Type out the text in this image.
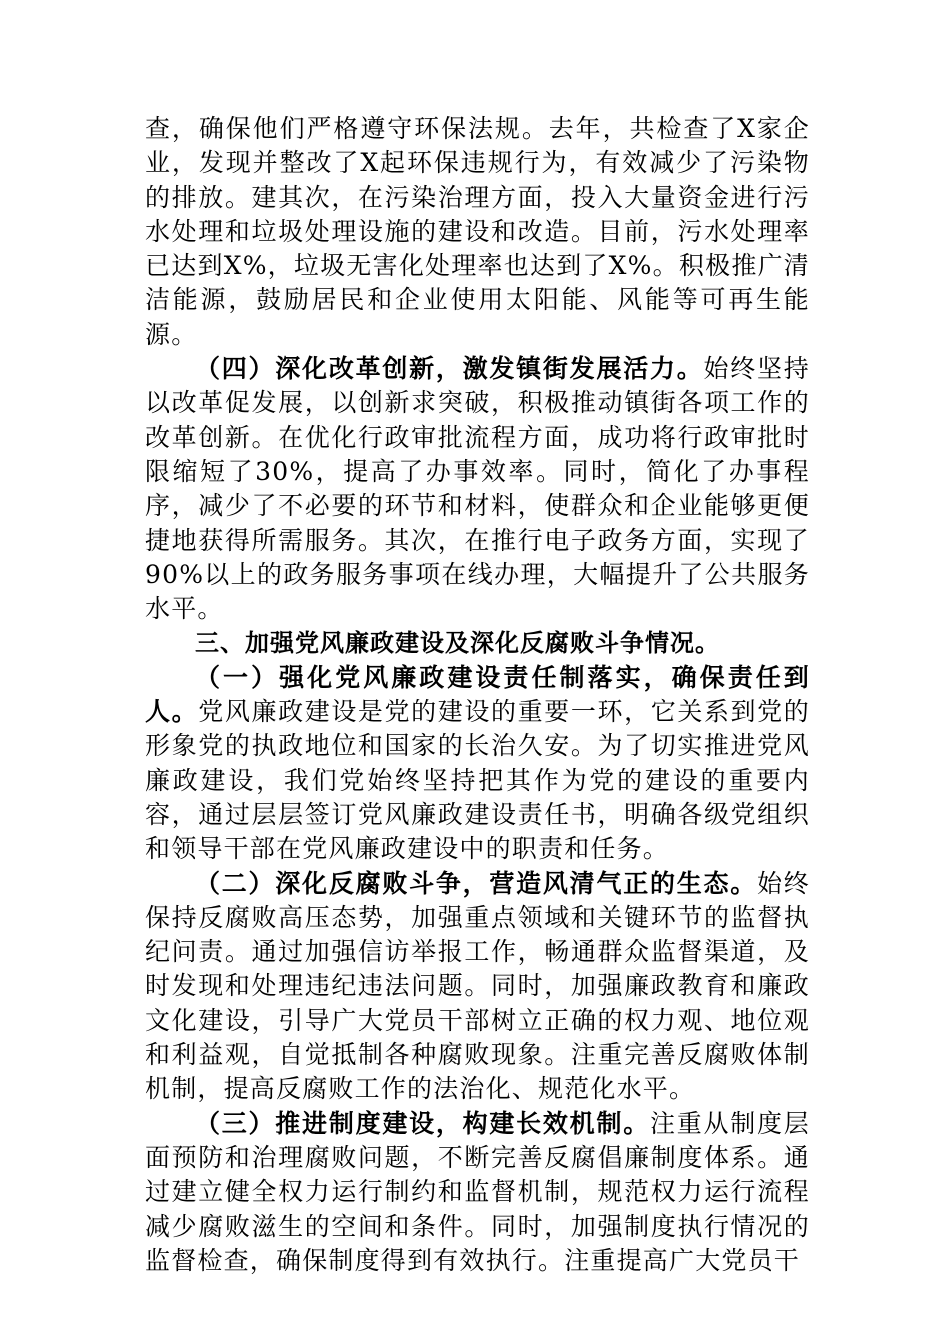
查，确保他们严格遵守环保法规。去年，共检查了X家企业，发现并整改了X起环保违规行为，有效减少了污染物的排放。建其次，在污染治理方面，投入大量资金进行污水处理和垃圾处理设施的建设和改造。目前，污水处理率已达到X%，垃圾无害化处理率也达到了X%。积极推广清洁能源，鼓励居民和企业使用太阳能、风能等可再生能源。

（四）深化改革创新，激发镇街发展活力。始终坚持以改革促发展，以创新求突破，积极推动镇街各项工作的改革创新。在优化行政审批流程方面，成功将行政审批时限缩短了30%，提高了办事效率。同时，简化了办事程序，减少了不必要的环节和材料，使群众和企业能够更便捷地获得所需服务。其次，在推行电子政务方面，实现了90%以上的政务服务事项在线办理，大幅提升了公共服务水平。

三、加强党风廉政建设及深化反腐败斗争情况。

（一）强化党风廉政建设责任制落实，确保责任到人。党风廉政建设是党的建设的重要一环，它关系到党的形象党的执政地位和国家的长治久安。为了切实推进党风廉政建设，我们党始终坚持把其作为党的建设的重要内容，通过层层签订党风廉政建设责任书，明确各级党组织和领导干部在党风廉政建设中的职责和任务。

（二）深化反腐败斗争，营造风清气正的生态。始终保持反腐败高压态势，加强重点领域和关键环节的监督执纪问责。通过加强信访举报工作，畅通群众监督渠道，及时发现和处理违纪违法问题。同时，加强廉政教育和廉政文化建设，引导广大党员干部树立正确的权力观、地位观和利益观，自觉抵制各种腐败现象。注重完善反腐败体制机制，提高反腐败工作的法治化、规范化水平。

（三）推进制度建设，构建长效机制。注重从制度层面预防和治理腐败问题，不断完善反腐倡廉制度体系。通过建立健全权力运行制约和监督机制，规范权力运行流程减少腐败滋生的空间和条件。同时，加强制度执行情况的监督检查，确保制度得到有效执行。注重提高广大党员干
